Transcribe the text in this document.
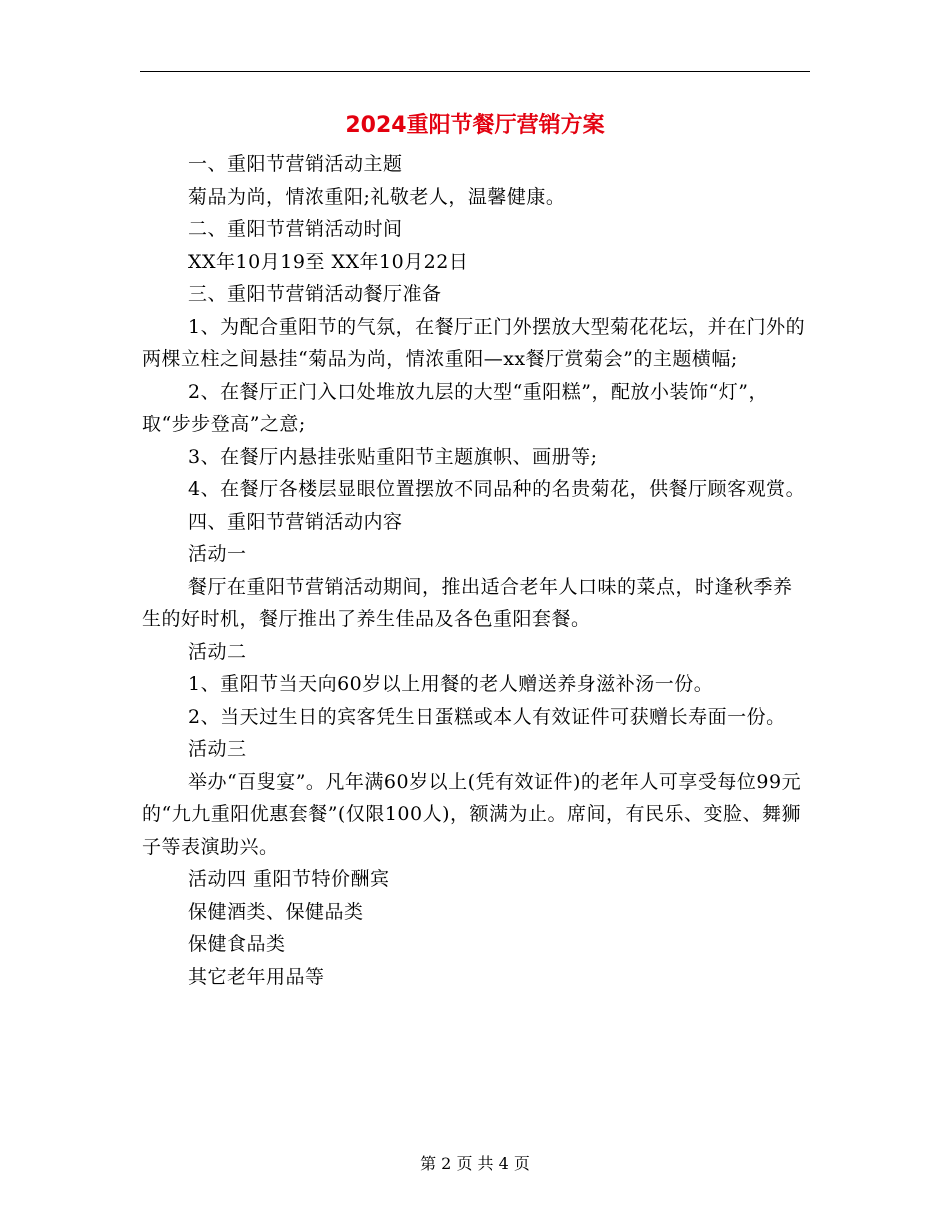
2024重阳节餐厅营销方案

一、重阳节营销活动主题

菊品为尚，情浓重阳;礼敬老人，温馨健康。

二、重阳节营销活动时间

XX年10月19至 XX年10月22日

三、重阳节营销活动餐厅准备

1、为配合重阳节的气氛，在餐厅正门外摆放大型菊花花坛，并在门外的两棵立柱之间悬挂“菊品为尚，情浓重阳—xx餐厅赏菊会”的主题横幅;

2、在餐厅正门入口处堆放九层的大型“重阳糕”，配放小装饰“灯”，取“步步登高”之意;

3、在餐厅内悬挂张贴重阳节主题旗帜、画册等;

4、在餐厅各楼层显眼位置摆放不同品种的名贵菊花，供餐厅顾客观赏。

四、重阳节营销活动内容

活动一

餐厅在重阳节营销活动期间，推出适合老年人口味的菜点，时逢秋季养生的好时机，餐厅推出了养生佳品及各色重阳套餐。

活动二

1、重阳节当天向60岁以上用餐的老人赠送养身滋补汤一份。

2、当天过生日的宾客凭生日蛋糕或本人有效证件可获赠长寿面一份。

活动三

举办“百叟宴”。凡年满60岁以上(凭有效证件)的老年人可享受每位99元的“九九重阳优惠套餐”(仅限100人)，额满为止。席间，有民乐、变脸、舞狮子等表演助兴。

活动四 重阳节特价酬宾

保健酒类、保健品类

保健食品类

其它老年用品等

第 2 页 共 4 页
